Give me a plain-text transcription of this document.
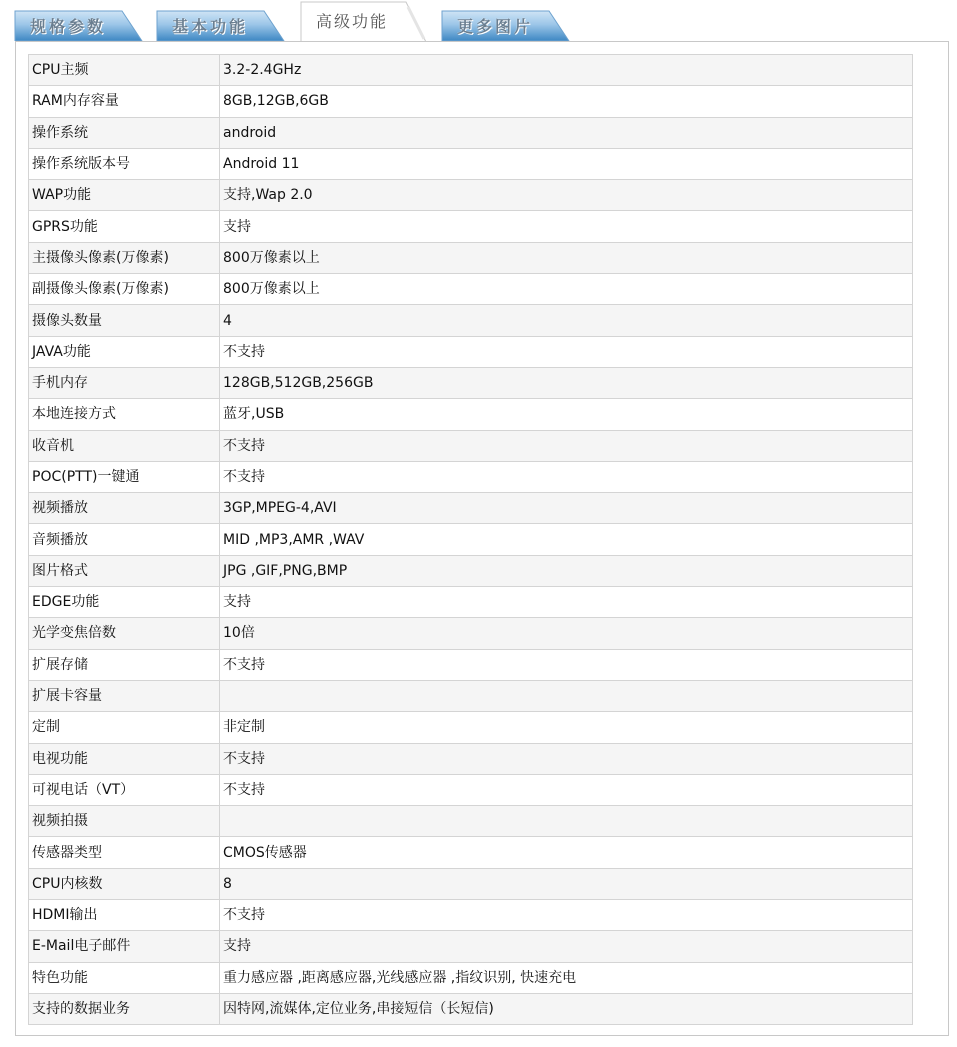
规格参数	基本功能	高级功能	更多图片
CPU主频	3.2-2.4GHz
RAM内存容量	8GB,12GB,6GB
操作系统	android
操作系统版本号	Android 11
WAP功能	支持,Wap 2.0
GPRS功能	支持
主摄像头像素(万像素)	800万像素以上
副摄像头像素(万像素)	800万像素以上
摄像头数量	4
JAVA功能	不支持
手机内存	128GB,512GB,256GB
本地连接方式	蓝牙,USB
收音机	不支持
POC(PTT)一键通	不支持
视频播放	3GP,MPEG-4,AVI
音频播放	MID ,MP3,AMR ,WAV
图片格式	JPG ,GIF,PNG,BMP
EDGE功能	支持
光学变焦倍数	10倍
扩展存储	不支持
扩展卡容量	
定制	非定制
电视功能	不支持
可视电话（VT）	不支持
视频拍摄	
传感器类型	CMOS传感器
CPU内核数	8
HDMI输出	不支持
E-Mail电子邮件	支持
特色功能	重力感应器 ,距离感应器,光线感应器 ,指纹识别, 快速充电
支持的数据业务	因特网,流媒体,定位业务,串接短信（长短信)
